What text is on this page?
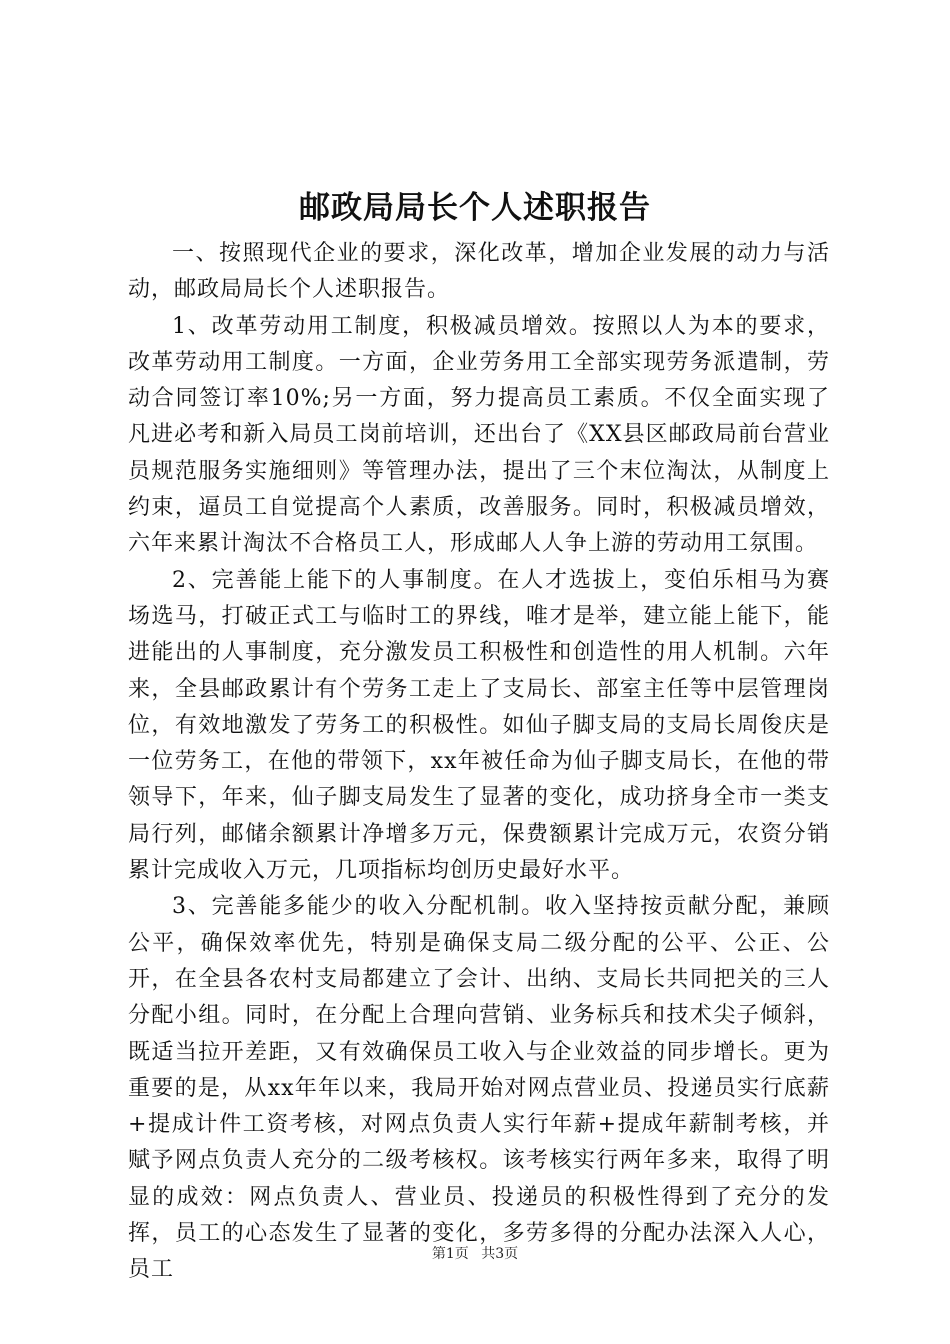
邮政局局长个人述职报告

一、按照现代企业的要求，深化改革，增加企业发展的动力与活动，邮政局局长个人述职报告。

1、改革劳动用工制度，积极减员增效。按照以人为本的要求，改革劳动用工制度。一方面，企业劳务用工全部实现劳务派遣制，劳动合同签订率10%;另一方面，努力提高员工素质。不仅全面实现了凡进必考和新入局员工岗前培训，还出台了《XX县区邮政局前台营业员规范服务实施细则》等管理办法，提出了三个末位淘汰，从制度上约束，逼员工自觉提高个人素质，改善服务。同时，积极减员增效，六年来累计淘汰不合格员工人，形成邮人人争上游的劳动用工氛围。

2、完善能上能下的人事制度。在人才选拔上，变伯乐相马为赛场选马，打破正式工与临时工的界线，唯才是举，建立能上能下，能进能出的人事制度，充分激发员工积极性和创造性的用人机制。六年来，全县邮政累计有个劳务工走上了支局长、部室主任等中层管理岗位，有效地激发了劳务工的积极性。如仙子脚支局的支局长周俊庆是一位劳务工，在他的带领下，xx年被任命为仙子脚支局长，在他的带领导下，年来，仙子脚支局发生了显著的变化，成功挤身全市一类支局行列，邮储余额累计净增多万元，保费额累计完成万元，农资分销累计完成收入万元，几项指标均创历史最好水平。

3、完善能多能少的收入分配机制。收入坚持按贡献分配，兼顾公平，确保效率优先，特别是确保支局二级分配的公平、公正、公开，在全县各农村支局都建立了会计、出纳、支局长共同把关的三人分配小组。同时，在分配上合理向营销、业务标兵和技术尖子倾斜，既适当拉开差距，又有效确保员工收入与企业效益的同步增长。更为重要的是，从xx年年以来，我局开始对网点营业员、投递员实行底薪+提成计件工资考核，对网点负责人实行年薪+提成年薪制考核，并赋予网点负责人充分的二级考核权。该考核实行两年多来，取得了明显的成效：网点负责人、营业员、投递员的积极性得到了充分的发挥，员工的心态发生了显著的变化，多劳多得的分配办法深入人心，员工

第1页 共3页
